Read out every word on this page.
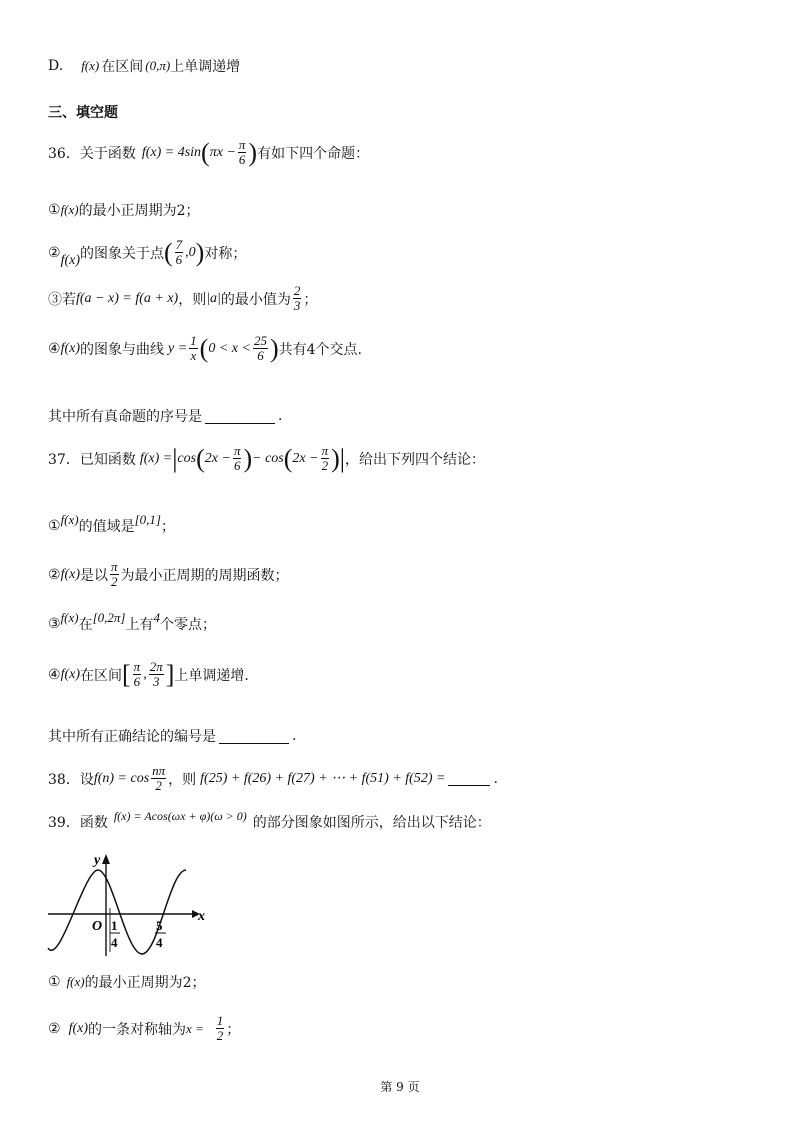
D. f(x) 在区间 (0,π) 上单调递增
三、填空题
36．关于函数 f(x) = 4sin ( $\pi x - \frac{\pi}{6}$ ) 有如下四个命题：
① f(x) 的最小正周期为2；
② f(x) 的图象关于点 ( $\frac{7}{6} ,0$ ) 对称；
③若 f(a − x) = f(a + x) ，则 |a| 的最小值为 $\frac{2}{3}$ ；
④ f(x) 的图象与曲线 $y = \frac{1}{x}$ ( $0 < x < \frac{25}{6}$ ) 共有4个交点.
其中所有真命题的序号是	.
37．已知函数 f(x) = | cos ( $2x - \frac{\pi}{6}$ ) − cos ( $2x - \frac{\pi}{2}$ ) | ，给出下列四个结论：
① f(x) 的值域是 [0,1] ；
② f(x) 是以 $\frac{\pi}{2}$ 为最小正周期的周期函数；
③ f(x) 在 [0,2π] 上有 4 个零点；
④ f(x) 在区间 [ $\frac{\pi}{6}$ , $\frac{2\pi}{3}$ ] 上单调递增.
其中所有正确结论的编号是	.
38．设 $f(n) = \cos \frac{n\pi}{2}$ ，则 f(25) + f(26) + f(27) + ⋯ + f(51) + f(52) =	.
39．函数 f(x) = Acos(ωx + φ)(ω > 0) 的部分图象如图所示，给出以下结论：
y
x
O 1
4
5
4
① f(x) 的最小正周期为2；
② f(x) 的一条对称轴为 $x = \frac{1}{2}$ ；
第 9 页
